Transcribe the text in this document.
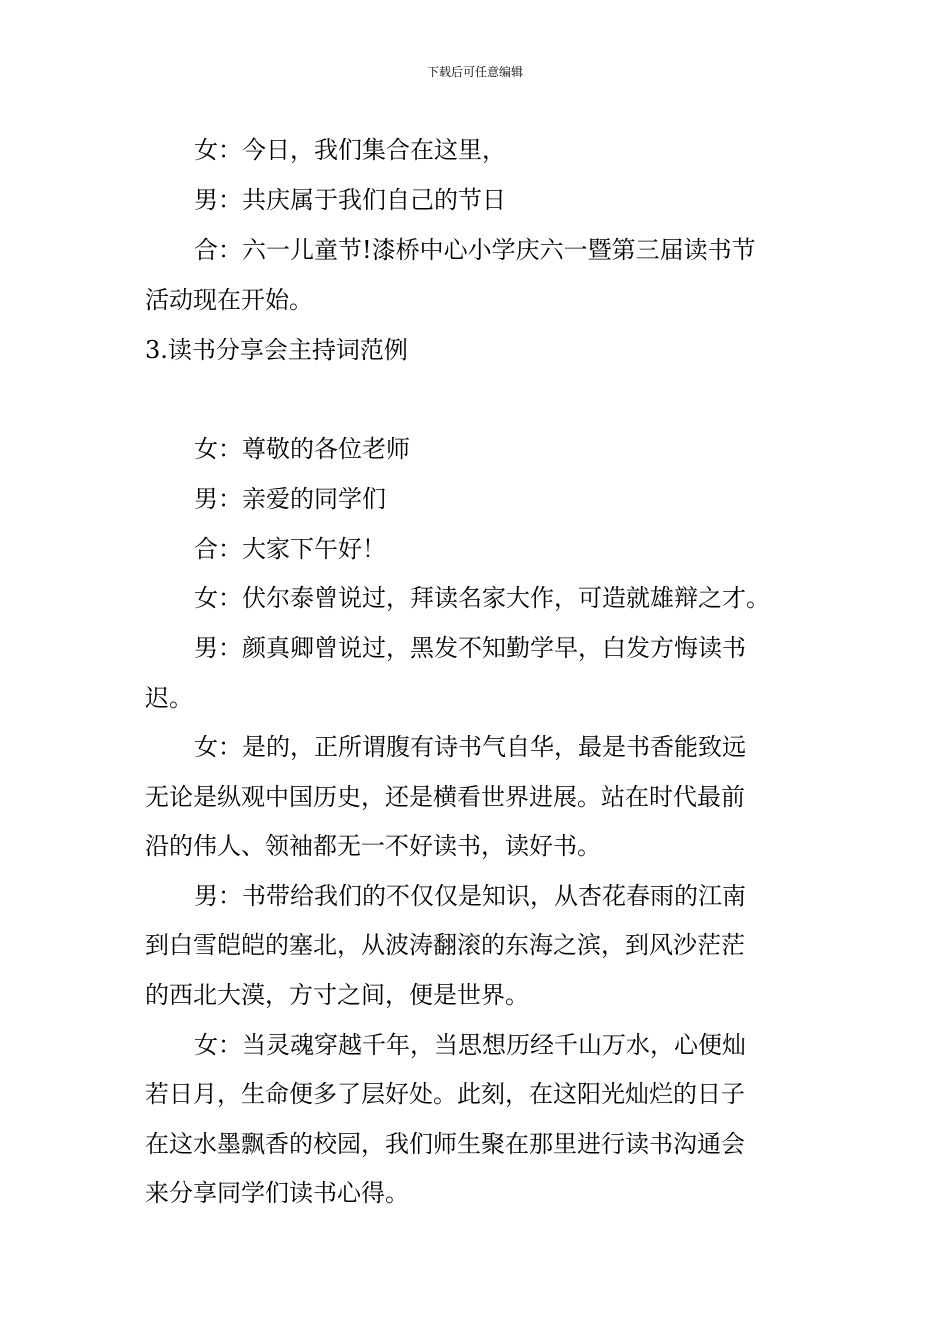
下载后可任意编辑
女：今日，我们集合在这里，
男：共庆属于我们自己的节日
合：六一儿童节!漆桥中心小学庆六一暨第三届读书节
活动现在开始。
3.读书分享会主持词范例
女：尊敬的各位老师
男：亲爱的同学们
合：大家下午好！
女：伏尔泰曾说过，拜读名家大作，可造就雄辩之才。
男：颜真卿曾说过，黑发不知勤学早，白发方悔读书
迟。
女：是的，正所谓腹有诗书气自华，最是书香能致远
无论是纵观中国历史，还是横看世界进展。站在时代最前
沿的伟人、领袖都无一不好读书，读好书。
男：书带给我们的不仅仅是知识，从杏花春雨的江南
到白雪皑皑的塞北，从波涛翻滚的东海之滨，到风沙茫茫
的西北大漠，方寸之间，便是世界。
女：当灵魂穿越千年，当思想历经千山万水，心便灿
若日月，生命便多了层好处。此刻，在这阳光灿烂的日子
在这水墨飘香的校园，我们师生聚在那里进行读书沟通会
来分享同学们读书心得。
